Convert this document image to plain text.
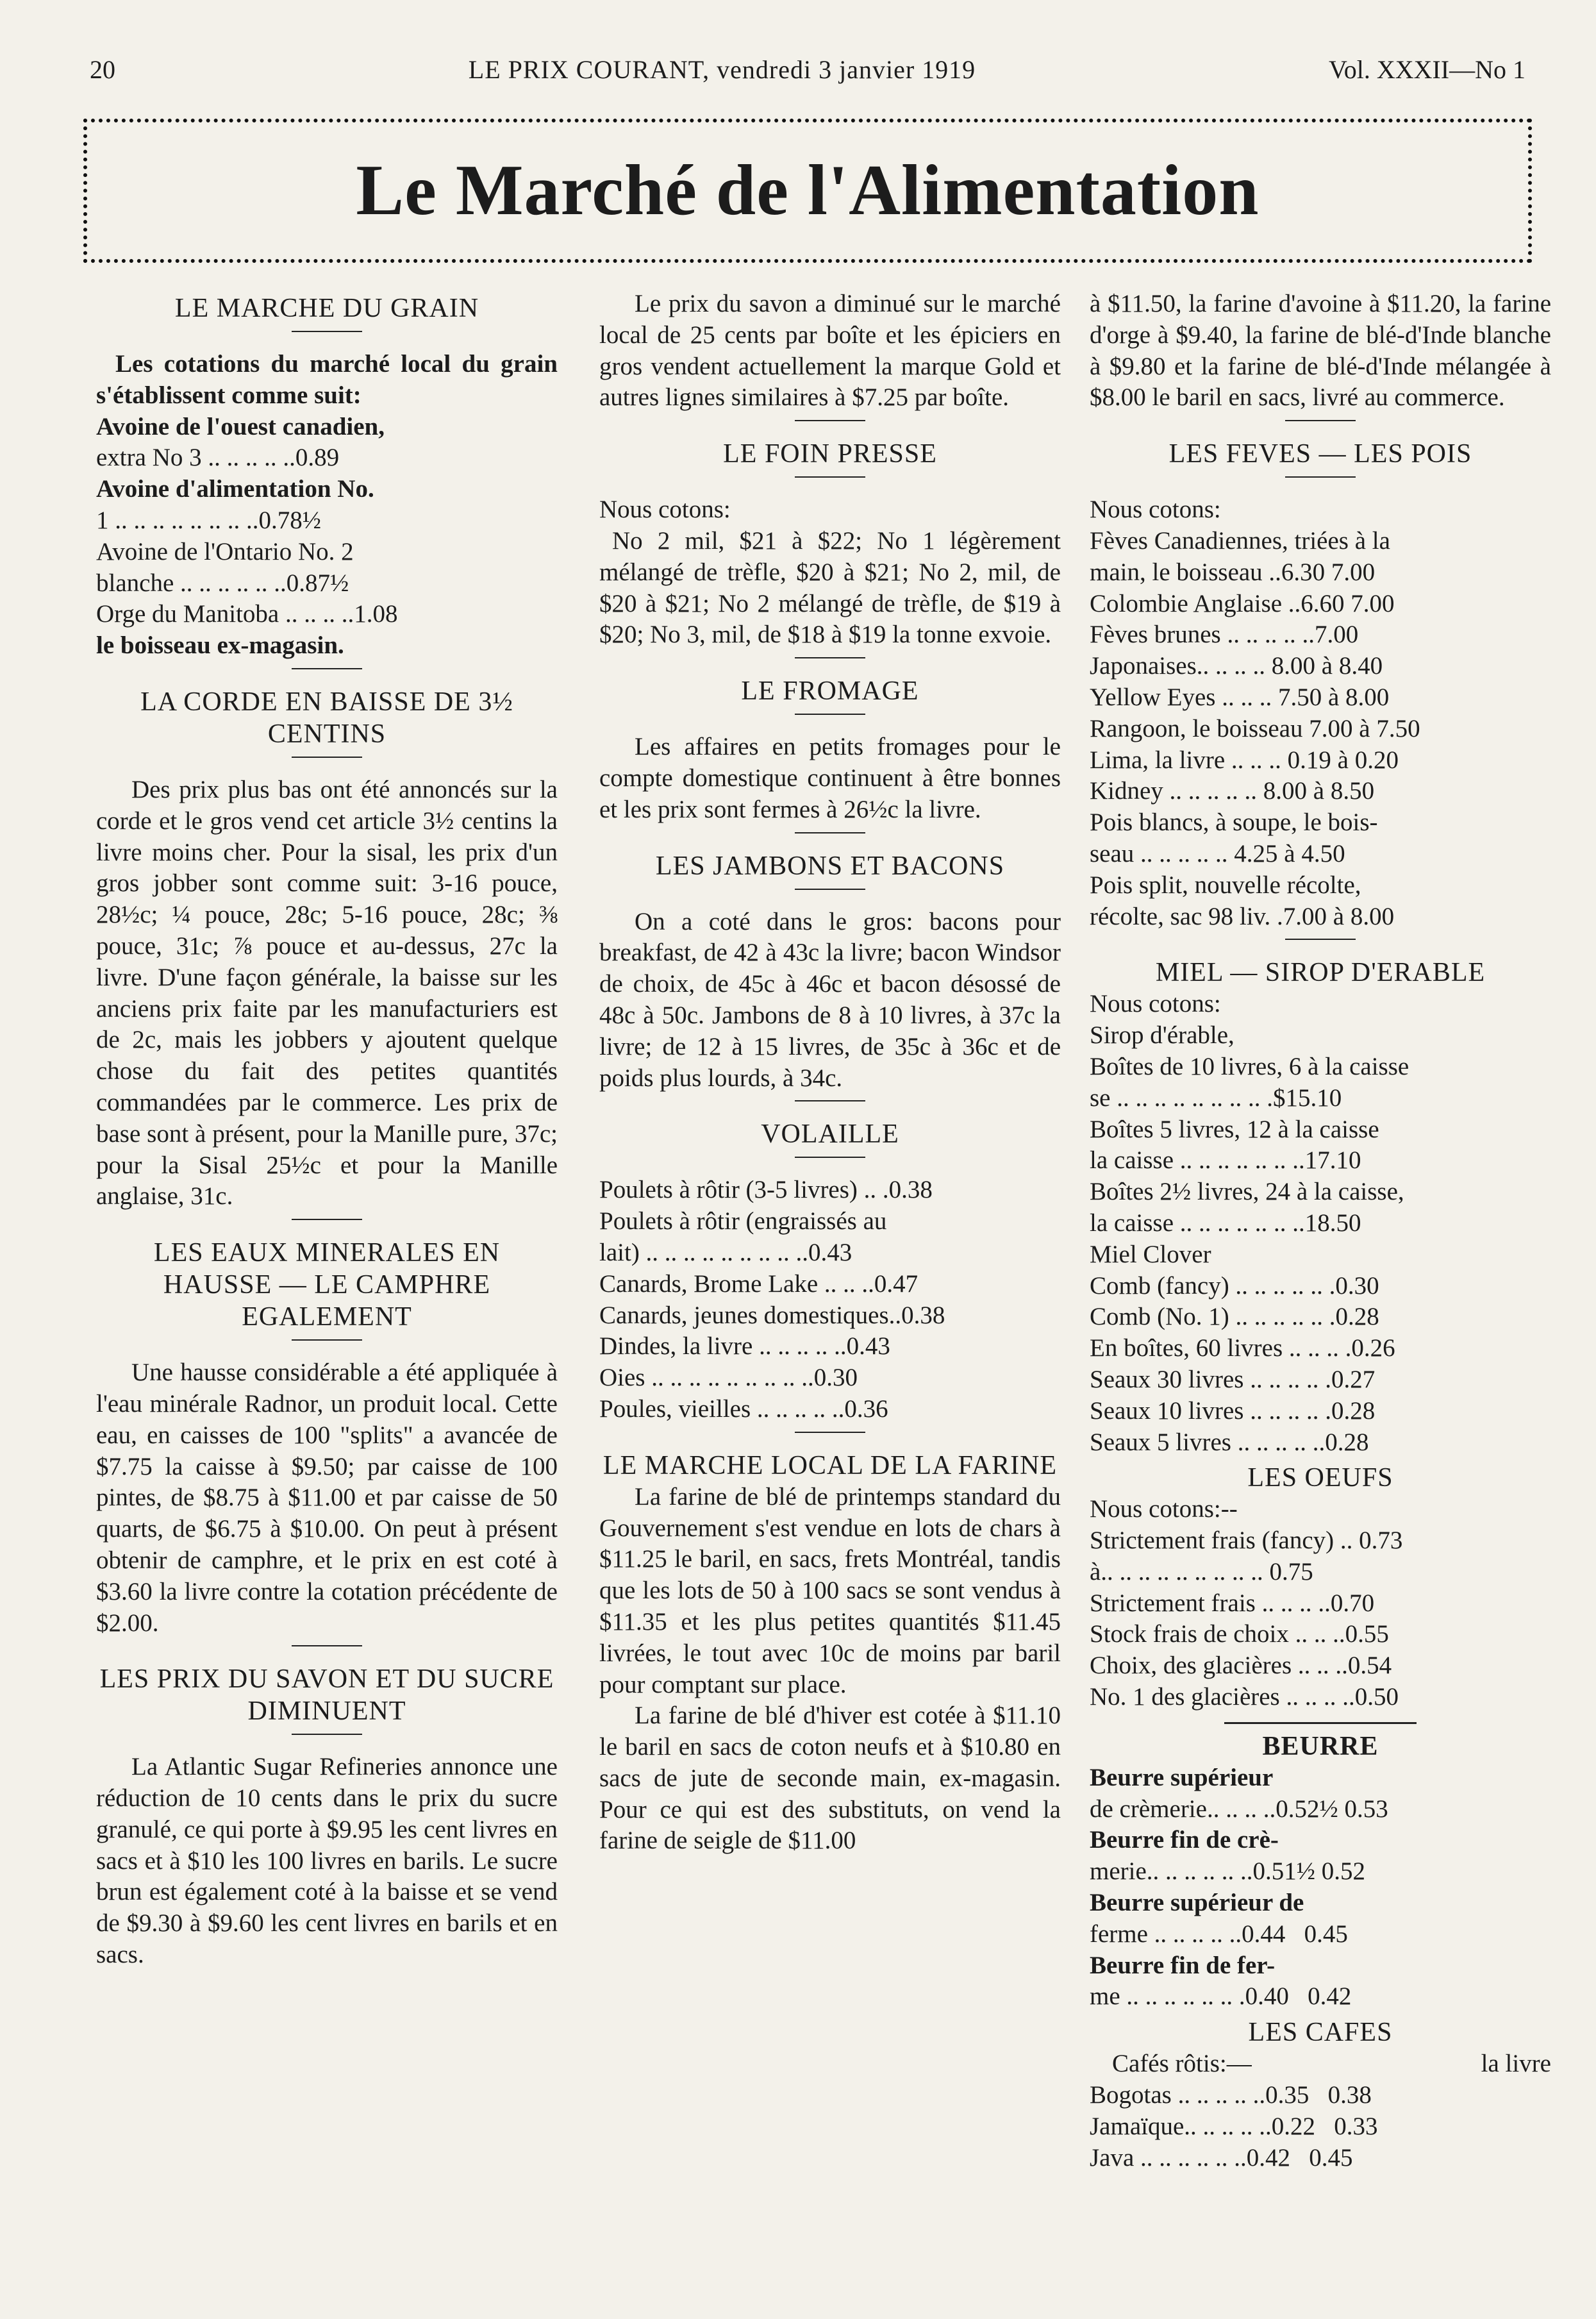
20	LE PRIX COURANT, vendredi 3 janvier 1919	Vol. XXXII—No 1
Le Marché de l'Alimentation
LE MARCHE DU GRAIN

Les cotations du marché local du grain s'établissent comme suit:

Avoine de l'ouest canadien,

extra No 3 .. .. .. .. ..0.89

Avoine d'alimentation No.

1 .. .. .. .. .. .. .. ..0.78½

Avoine de l'Ontario No. 2

blanche .. .. .. .. .. ..0.87½

Orge du Manitoba .. .. .. ..1.08

le boisseau ex-magasin.

LA CORDE EN BAISSE DE 3½ CENTINS

Des prix plus bas ont été annoncés sur la corde et le gros vend cet article 3½ centins la livre moins cher. Pour la sisal, les prix d'un gros jobber sont comme suit: 3-16 pouce, 28½c; ¼ pouce, 28c; 5-16 pouce, 28c; ⅜ pouce, 31c; ⅞ pouce et au-dessus, 27c la livre. D'une façon générale, la baisse sur les anciens prix faite par les manufacturiers est de 2c, mais les jobbers y ajoutent quelque chose du fait des petites quantités commandées par le commerce. Les prix de base sont à présent, pour la Manille pure, 37c; pour la Sisal 25½c et pour la Manille anglaise, 31c.

LES EAUX MINERALES EN HAUSSE — LE CAMPHRE EGALEMENT

Une hausse considérable a été appliquée à l'eau minérale Radnor, un produit local. Cette eau, en caisses de 100 "splits" a avancée de $7.75 la caisse à $9.50; par caisse de 100 pintes, de $8.75 à $11.00 et par caisse de 50 quarts, de $6.75 à $10.00. On peut à présent obtenir de camphre, et le prix en est coté à $3.60 la livre contre la cotation précédente de $2.00.

LES PRIX DU SAVON ET DU SUCRE DIMINUENT

La Atlantic Sugar Refineries annonce une réduction de 10 cents dans le prix du sucre granulé, ce qui porte à $9.95 les cent livres en sacs et à $10 les 100 livres en barils. Le sucre brun est également coté à la baisse et se vend de $9.30 à $9.60 les cent livres en barils et en sacs.

Le prix du savon a diminué sur le marché local de 25 cents par boîte et les épiciers en gros vendent actuellement la marque Gold et autres lignes similaires à $7.25 par boîte.

LE FOIN PRESSE

Nous cotons:

No 2 mil, $21 à $22; No 1 légèrement mélangé de trèfle, $20 à $21; No 2, mil, de $20 à $21; No 2 mélangé de trèfle, de $19 à $20; No 3, mil, de $18 à $19 la tonne exvoie.

LE FROMAGE

Les affaires en petits fromages pour le compte domestique continuent à être bonnes et les prix sont fermes à 26½c la livre.

LES JAMBONS ET BACONS

On a coté dans le gros: bacons pour breakfast, de 42 à 43c la livre; bacon Windsor de choix, de 45c à 46c et bacon désossé de 48c à 50c. Jambons de 8 à 10 livres, à 37c la livre; de 12 à 15 livres, de 35c à 36c et de poids plus lourds, à 34c.

VOLAILLE

Poulets à rôtir (3-5 livres) .. .0.38

Poulets à rôtir (engraissés au

lait) .. .. .. .. .. .. .. .. ..0.43

Canards, Brome Lake .. .. ..0.47

Canards, jeunes domestiques..0.38

Dindes, la livre .. .. .. .. ..0.43

Oies .. .. .. .. .. .. .. .. ..0.30

Poules, vieilles .. .. .. .. ..0.36

LE MARCHE LOCAL DE LA FARINE

La farine de blé de printemps standard du Gouvernement s'est vendue en lots de chars à $11.25 le baril, en sacs, frets Montréal, tandis que les lots de 50 à 100 sacs se sont vendus à $11.35 et les plus petites quantités $11.45 livrées, le tout avec 10c de moins par baril pour comptant sur place.

La farine de blé d'hiver est cotée à $11.10 le baril en sacs de coton neufs et à $10.80 en sacs de jute de seconde main, ex-magasin. Pour ce qui est des substituts, on vend la farine de seigle de $11.00

à $11.50, la farine d'avoine à $11.20, la farine d'orge à $9.40, la farine de blé-d'Inde blanche à $9.80 et la farine de blé-d'Inde mélangée à $8.00 le baril en sacs, livré au commerce.

LES FEVES — LES POIS

Nous cotons:

Fèves Canadiennes, triées à la

main, le boisseau ..6.30 7.00

Colombie Anglaise ..6.60 7.00

Fèves brunes .. .. .. .. ..7.00

Japonaises.. .. .. .. 8.00 à 8.40

Yellow Eyes .. .. .. 7.50 à 8.00

Rangoon, le boisseau 7.00 à 7.50

Lima, la livre .. .. .. 0.19 à 0.20

Kidney .. .. .. .. .. 8.00 à 8.50

Pois blancs, à soupe, le bois-

seau .. .. .. .. .. 4.25 à 4.50

Pois split, nouvelle récolte,

récolte, sac 98 liv. .7.00 à 8.00

MIEL — SIROP D'ERABLE

Nous cotons:

Sirop d'érable,

Boîtes de 10 livres, 6 à la caisse

se .. .. .. .. .. .. .. .. .$15.10

Boîtes 5 livres, 12 à la caisse

la caisse .. .. .. .. .. .. ..17.10

Boîtes 2½ livres, 24 à la caisse,

la caisse .. .. .. .. .. .. ..18.50

Miel Clover

Comb (fancy) .. .. .. .. .. .0.30

Comb (No. 1) .. .. .. .. .. .0.28

En boîtes, 60 livres .. .. .. .0.26

Seaux 30 livres .. .. .. .. .0.27

Seaux 10 livres .. .. .. .. .0.28

Seaux 5 livres .. .. .. .. ..0.28

LES OEUFS

Nous cotons:--

Strictement frais (fancy) .. 0.73

à.. .. .. .. .. .. .. .. .. 0.75

Strictement frais .. .. .. ..0.70

Stock frais de choix .. .. ..0.55

Choix, des glacières .. .. ..0.54

No. 1 des glacières .. .. .. ..0.50

BEURRE

Beurre supérieur

de crèmerie.. .. .. ..0.52½ 0.53

Beurre fin de crè-

merie.. .. .. .. .. ..0.51½ 0.52

Beurre supérieur de

ferme .. .. .. .. ..0.44   0.45

Beurre fin de fer-

me .. .. .. .. .. .. .0.40   0.42

LES CAFES
Cafés rôtis:—	la livre

Bogotas .. .. .. .. ..0.35   0.38

Jamaïque.. .. .. .. ..0.22   0.33

Java .. .. .. .. .. ..0.42   0.45
